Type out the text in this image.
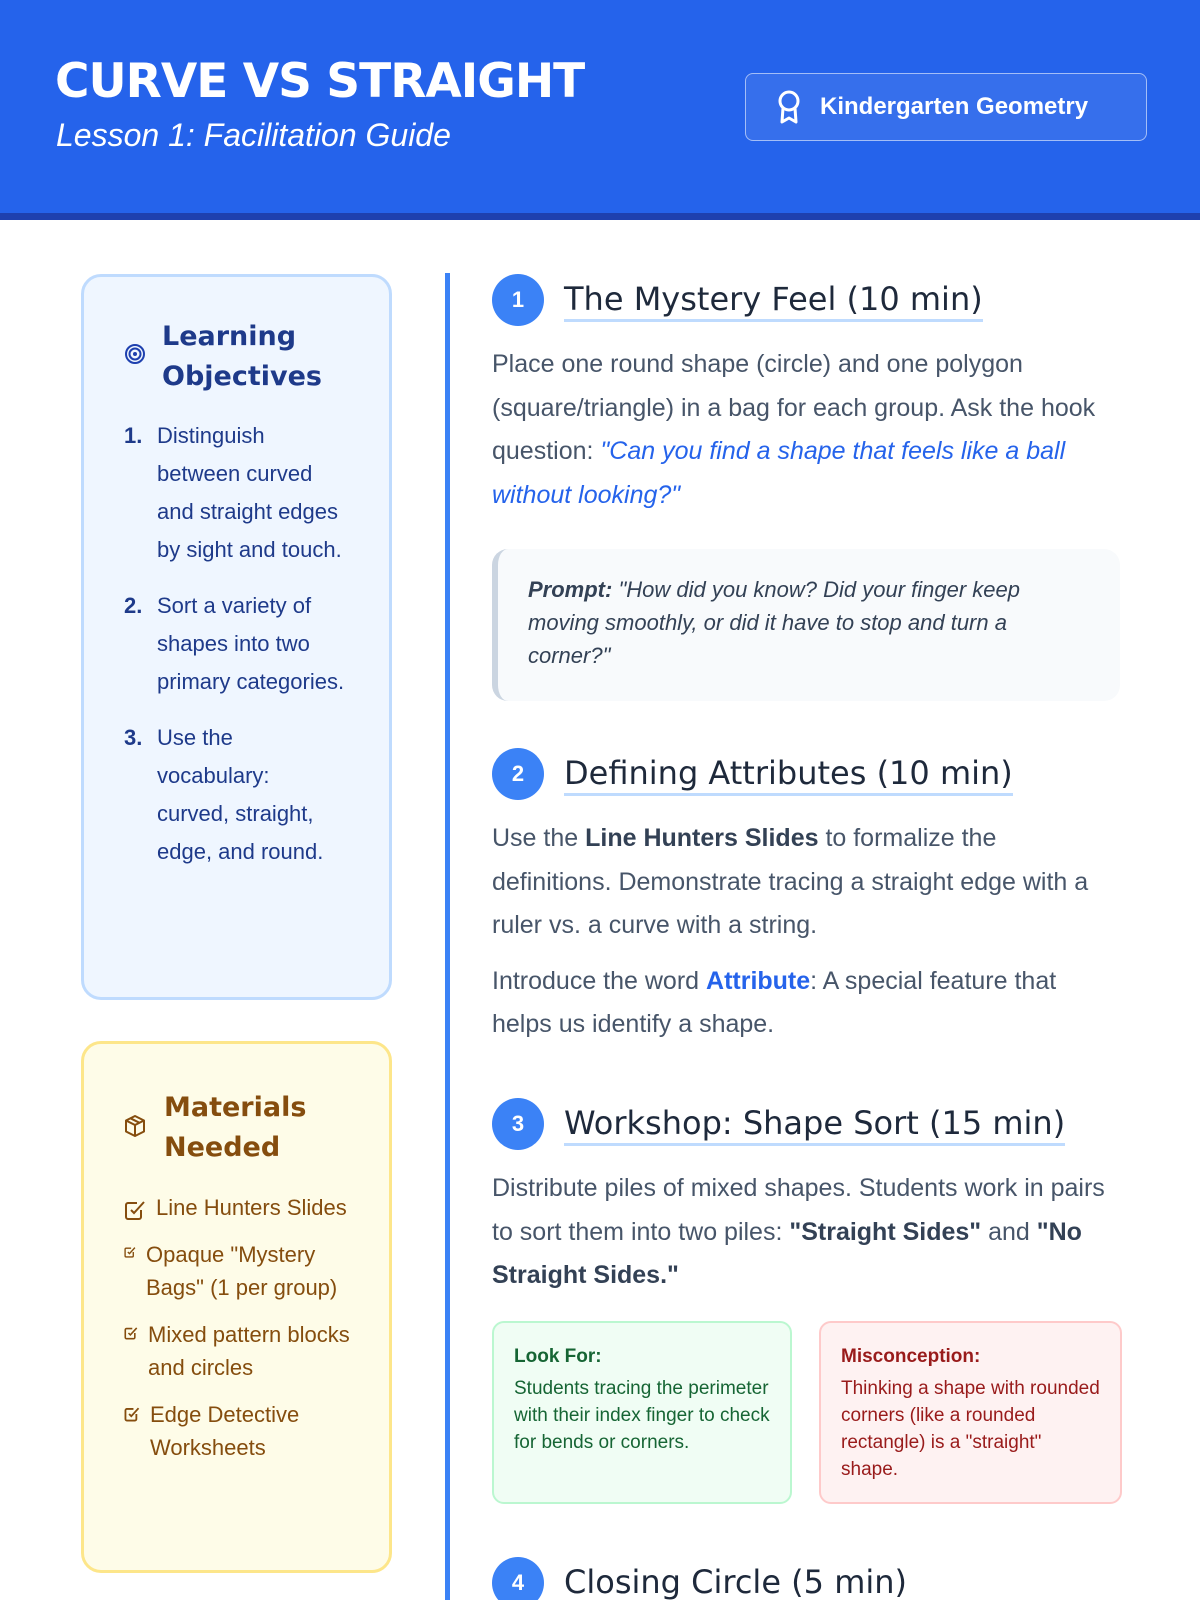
CURVE VS STRAIGHT
Lesson 1: Facilitation Guide
Kindergarten Geometry
Learning Objectives
1. Distinguish between curved and straight edges by sight and touch.
2. Sort a variety of shapes into two primary categories.
3. Use the vocabulary: curved, straight, edge, and round.
Materials Needed
Line Hunters Slides
Opaque "Mystery Bags" (1 per group)
Mixed pattern blocks and circles
Edge Detective Worksheets
1	The Mystery Feel (10 min)

Place one round shape (circle) and one polygon (square/triangle) in a bag for each group. Ask the hook question: "Can you find a shape that feels like a ball without looking?"

Prompt: "How did you know? Did your finger keep moving smoothly, or did it have to stop and turn a corner?"
2	Defining Attributes (10 min)

Use the Line Hunters Slides to formalize the definitions. Demonstrate tracing a straight edge with a ruler vs. a curve with a string.

Introduce the word Attribute: A special feature that helps us identify a shape.

3	Workshop: Shape Sort (15 min)

Distribute piles of mixed shapes. Students work in pairs to sort them into two piles: "Straight Sides" and "No Straight Sides."

Look For:
Students tracing the perimeter with their index finger to check for bends or corners.
Misconception:
Thinking a shape with rounded corners (like a rounded rectangle) is a "straight" shape.
4	Closing Circle (5 min)
